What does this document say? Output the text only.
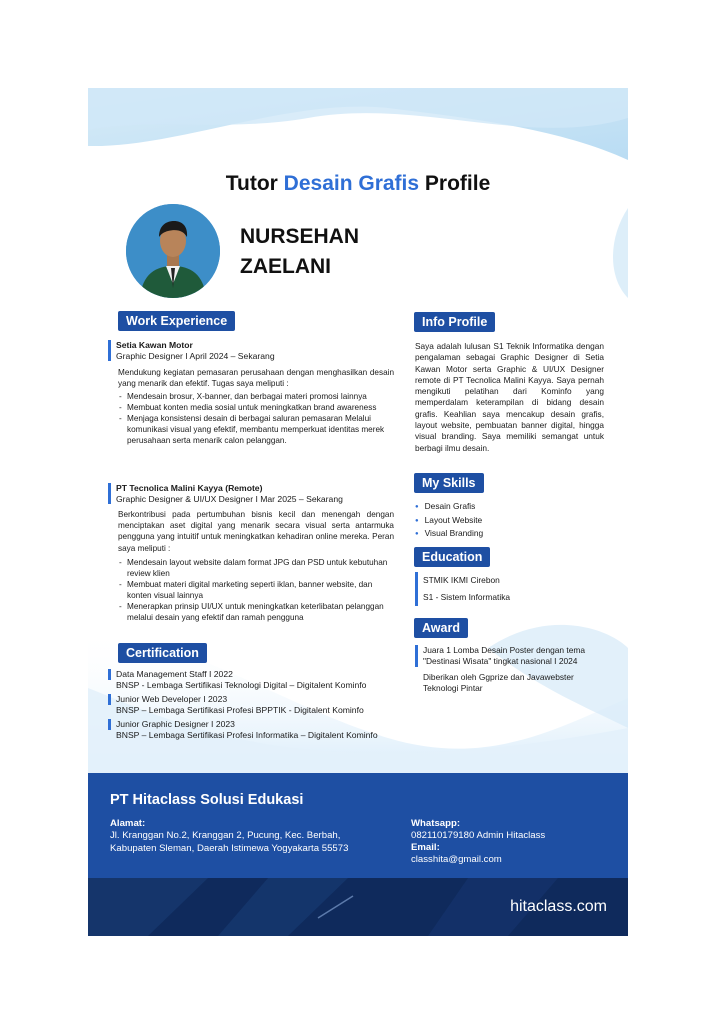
Tutor Desain Grafis Profile
NURSEHAN
ZAELANI
Work Experience
Setia Kawan Motor
Graphic Designer I April 2024 – Sekarang
Mendukung kegiatan pemasaran perusahaan dengan menghasilkan desain yang menarik dan efektif. Tugas saya meliputi :
- Mendesain brosur, X-banner, dan berbagai materi promosi lainnya
- Membuat konten media sosial untuk meningkatkan brand awareness
- Menjaga konsistensi desain di berbagai saluran pemasaran Melalui komunikasi visual yang efektif, membantu memperkuat identitas merek perusahaan serta menarik calon pelanggan.
PT Tecnolica Malini Kayya (Remote)
Graphic Designer & UI/UX Designer I Mar 2025 – Sekarang
Berkontribusi pada pertumbuhan bisnis kecil dan menengah dengan menciptakan aset digital yang menarik secara visual serta antarmuka pengguna yang intuitif untuk meningkatkan kehadiran online mereka. Peran saya meliputi :
- Mendesain layout website dalam format JPG dan PSD untuk kebutuhan review klien
- Membuat materi digital marketing seperti iklan, banner website, dan konten visual lainnya
- Menerapkan prinsip UI/UX untuk meningkatkan keterlibatan pelanggan melalui desain yang efektif dan ramah pengguna
Certification
Data Management Staff I 2022
BNSP - Lembaga Sertifikasi Teknologi Digital – Digitalent Kominfo
Junior Web Developer I 2023
BNSP – Lembaga Sertifikasi Profesi BPPTIK - Digitalent Kominfo
Junior Graphic Designer I 2023
BNSP – Lembaga Sertifikasi Profesi Informatika – Digitalent Kominfo
Info Profile
Saya adalah lulusan S1 Teknik Informatika dengan pengalaman sebagai Graphic Designer di Setia Kawan Motor serta Graphic & UI/UX Designer remote di PT Tecnolica Malini Kayya. Saya pernah mengikuti pelatihan dari Kominfo yang memperdalam keterampilan di bidang desain grafis. Keahlian saya mencakup desain grafis, layout website, pembuatan banner digital, hingga visual branding. Saya memiliki semangat untuk berbagi ilmu desain.
My Skills
● Desain Grafis
● Layout Website
● Visual Branding
Education
STMIK IKMI Cirebon
S1 - Sistem Informatika
Award
Juara 1 Lomba Desain Poster dengan tema "Destinasi Wisata" tingkat nasional I 2024
Diberikan oleh Ggprize dan Javawebster Teknologi Pintar
PT Hitaclass Solusi Edukasi
Alamat:
Jl. Kranggan No.2, Kranggan 2, Pucung, Kec. Berbah,
Kabupaten Sleman, Daerah Istimewa Yogyakarta 55573
Whatsapp:
082110179180 Admin Hitaclass
Email:
classhita@gmail.com
hitaclass.com
